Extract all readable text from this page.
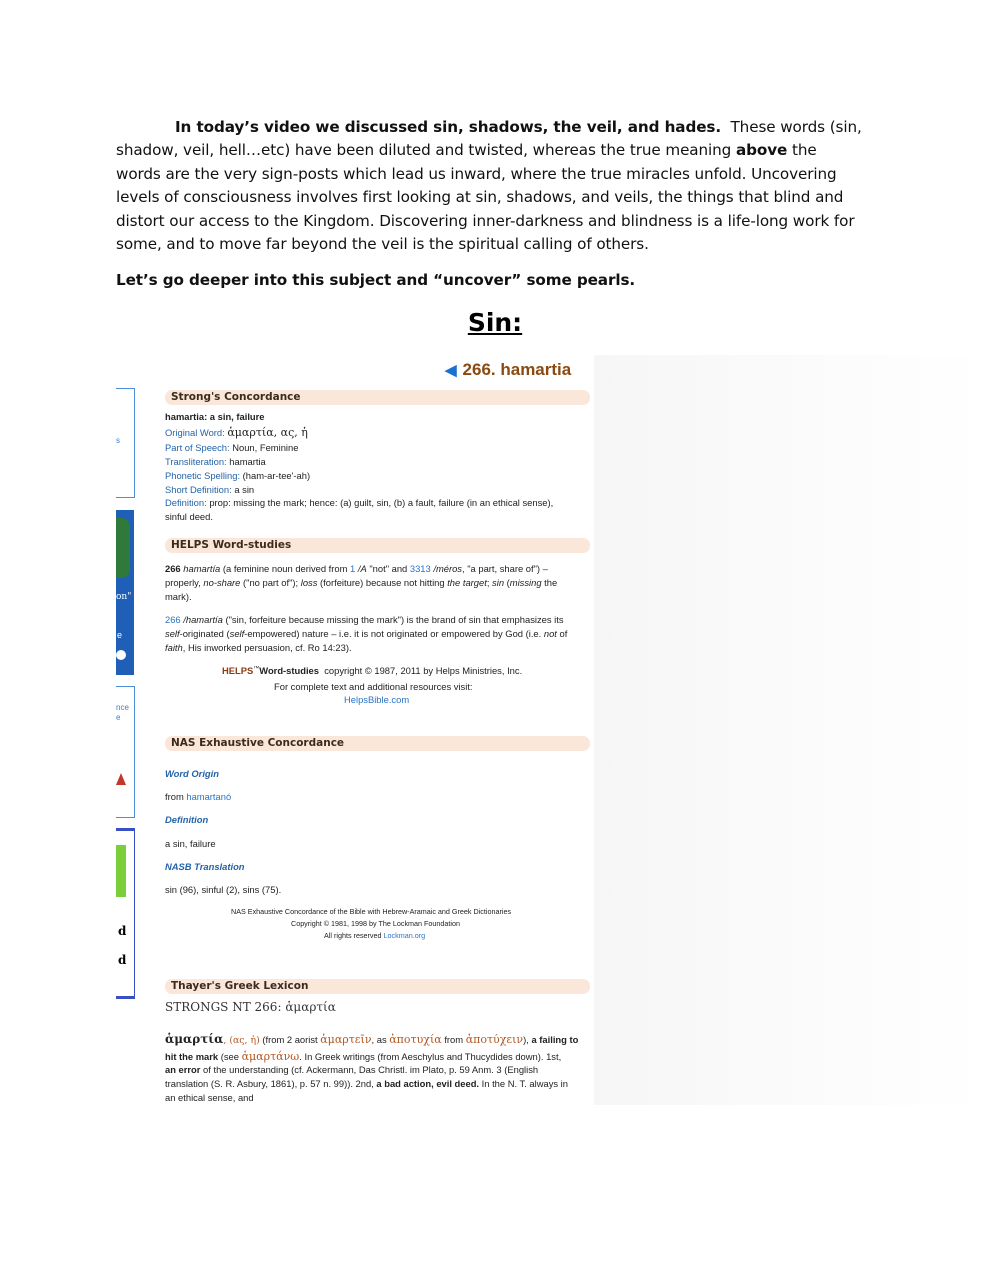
In today’s video we discussed sin, shadows, the veil, and hades. These words (sin, shadow, veil, hell…etc) have been diluted and twisted, whereas the true meaning above the words are the very sign-posts which lead us inward, where the true miracles unfold. Uncovering levels of consciousness involves first looking at sin, shadows, and veils, the things that blind and distort our access to the Kingdom. Discovering inner-darkness and blindness is a life-long work for some, and to move far beyond the veil is the spiritual calling of others.
Let’s go deeper into this subject and “uncover” some pearls.
Sin:
s
on"
e
nce
e
d
d
◀ 266. hamartia
Strong's Concordance
hamartia: a sin, failure
Original Word: ἁμαρτία, ας, ἡ
Part of Speech: Noun, Feminine
Transliteration: hamartia
Phonetic Spelling: (ham-ar-tee'-ah)
Short Definition: a sin
Definition: prop: missing the mark; hence: (a) guilt, sin, (b) a fault, failure (in an ethical sense),
sinful deed.
HELPS Word-studies
266 hamartía (a feminine noun derived from 1 /A "not" and 3313 /méros, "a part, share of") –
properly, no-share ("no part of"); loss (forfeiture) because not hitting the target; sin (missing the
mark).
266 /hamartía ("sin, forfeiture because missing the mark") is the brand of sin that emphasizes its
self-originated (self-empowered) nature – i.e. it is not originated or empowered by God (i.e. not of
faith, His inworked persuasion, cf. Ro 14:23).
HELPS™Word-studies copyright © 1987, 2011 by Helps Ministries, Inc.
For complete text and additional resources visit:
HelpsBible.com
NAS Exhaustive Concordance
Word Origin
from hamartanó
Definition
a sin, failure
NASB Translation
sin (96), sinful (2), sins (75).
NAS Exhaustive Concordance of the Bible with Hebrew-Aramaic and Greek Dictionaries
Copyright © 1981, 1998 by The Lockman Foundation
All rights reserved Lockman.org
Thayer's Greek Lexicon
STRONGS NT 266: ἁμαρτία
ἁμαρτία, (ας, ἡ) (from 2 aorist ἁμαρτεῖν, as ἀποτυχία from ἀποτύχειν), a failing to
hit the mark (see ἁμαρτάνω. In Greek writings (from Aeschylus and Thucydides down). 1st,
an error of the understanding (cf. Ackermann, Das Christl. im Plato, p. 59 Anm. 3 (English
translation (S. R. Asbury, 1861), p. 57 n. 99)). 2nd, a bad action, evil deed. In the N. T. always in
an ethical sense, and
